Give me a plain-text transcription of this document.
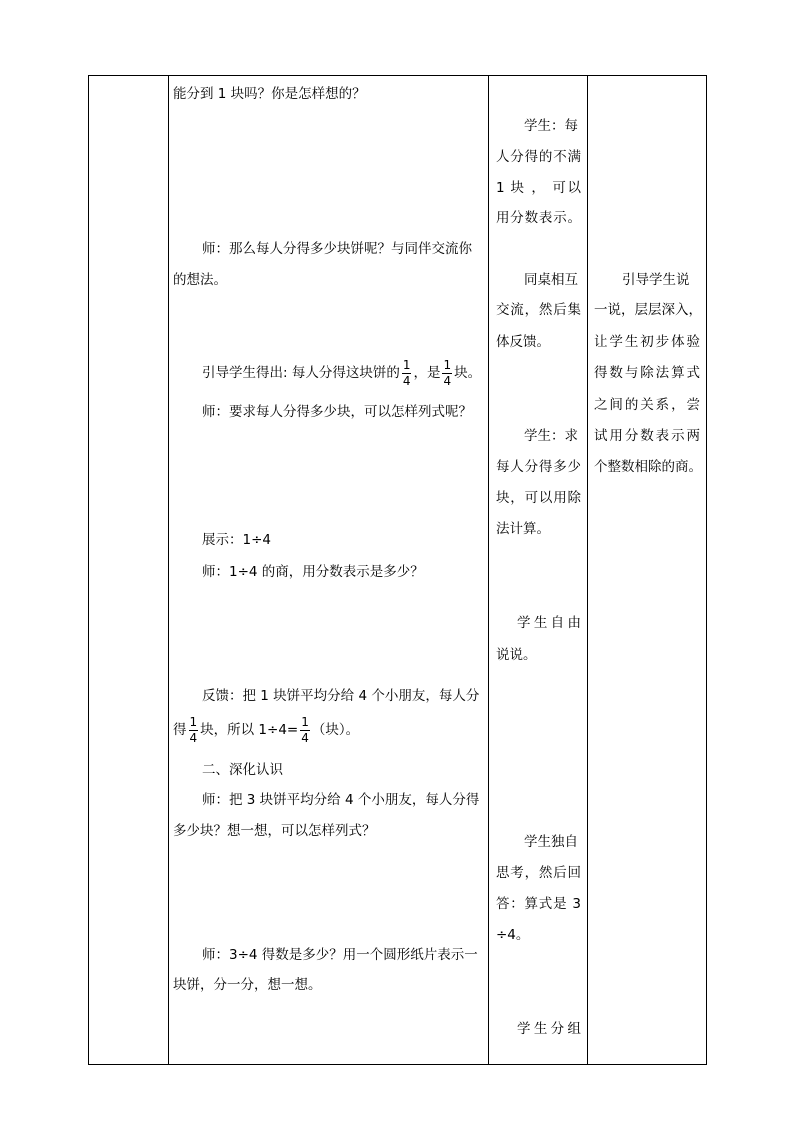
能分到 1 块吗？你是怎样想的？
师：那么每人分得多少块饼呢？与同伴交流你
的想法。
引导学生得出: 每人分得这块饼的 $\frac{1}{4}$ ，是 $\frac{1}{4}$ 块。
师：要求每人分得多少块，可以怎样列式呢？
展示：1÷4
师：1÷4 的商，用分数表示是多少？
反馈：把 1 块饼平均分给 4 个小朋友，每人分
得 $\frac{1}{4}$ 块，所以 $1\div 4= \frac{1}{4}$ （块）。
二、深化认识
师：把 3 块饼平均分给 4 个小朋友，每人分得
多少块？想一想，可以怎样列式？
师：3÷4 得数是多少？用一个圆形纸片表示一
块饼，分一分，想一想。
学生：每
人分得的不满
1 块 ， 可以
用分数表示。
同桌相互
交流，然后集
体反馈。
学生：求
每人分得多少
块，可以用除
法计算。
学生自由
说说。
学生独自
思考，然后回
答：算式是 3
÷4。
学生分组
引导学生说
一说，层层深入，
让学生初步体验
得数与除法算式
之间的关系，尝
试用分数表示两
个整数相除的商。
